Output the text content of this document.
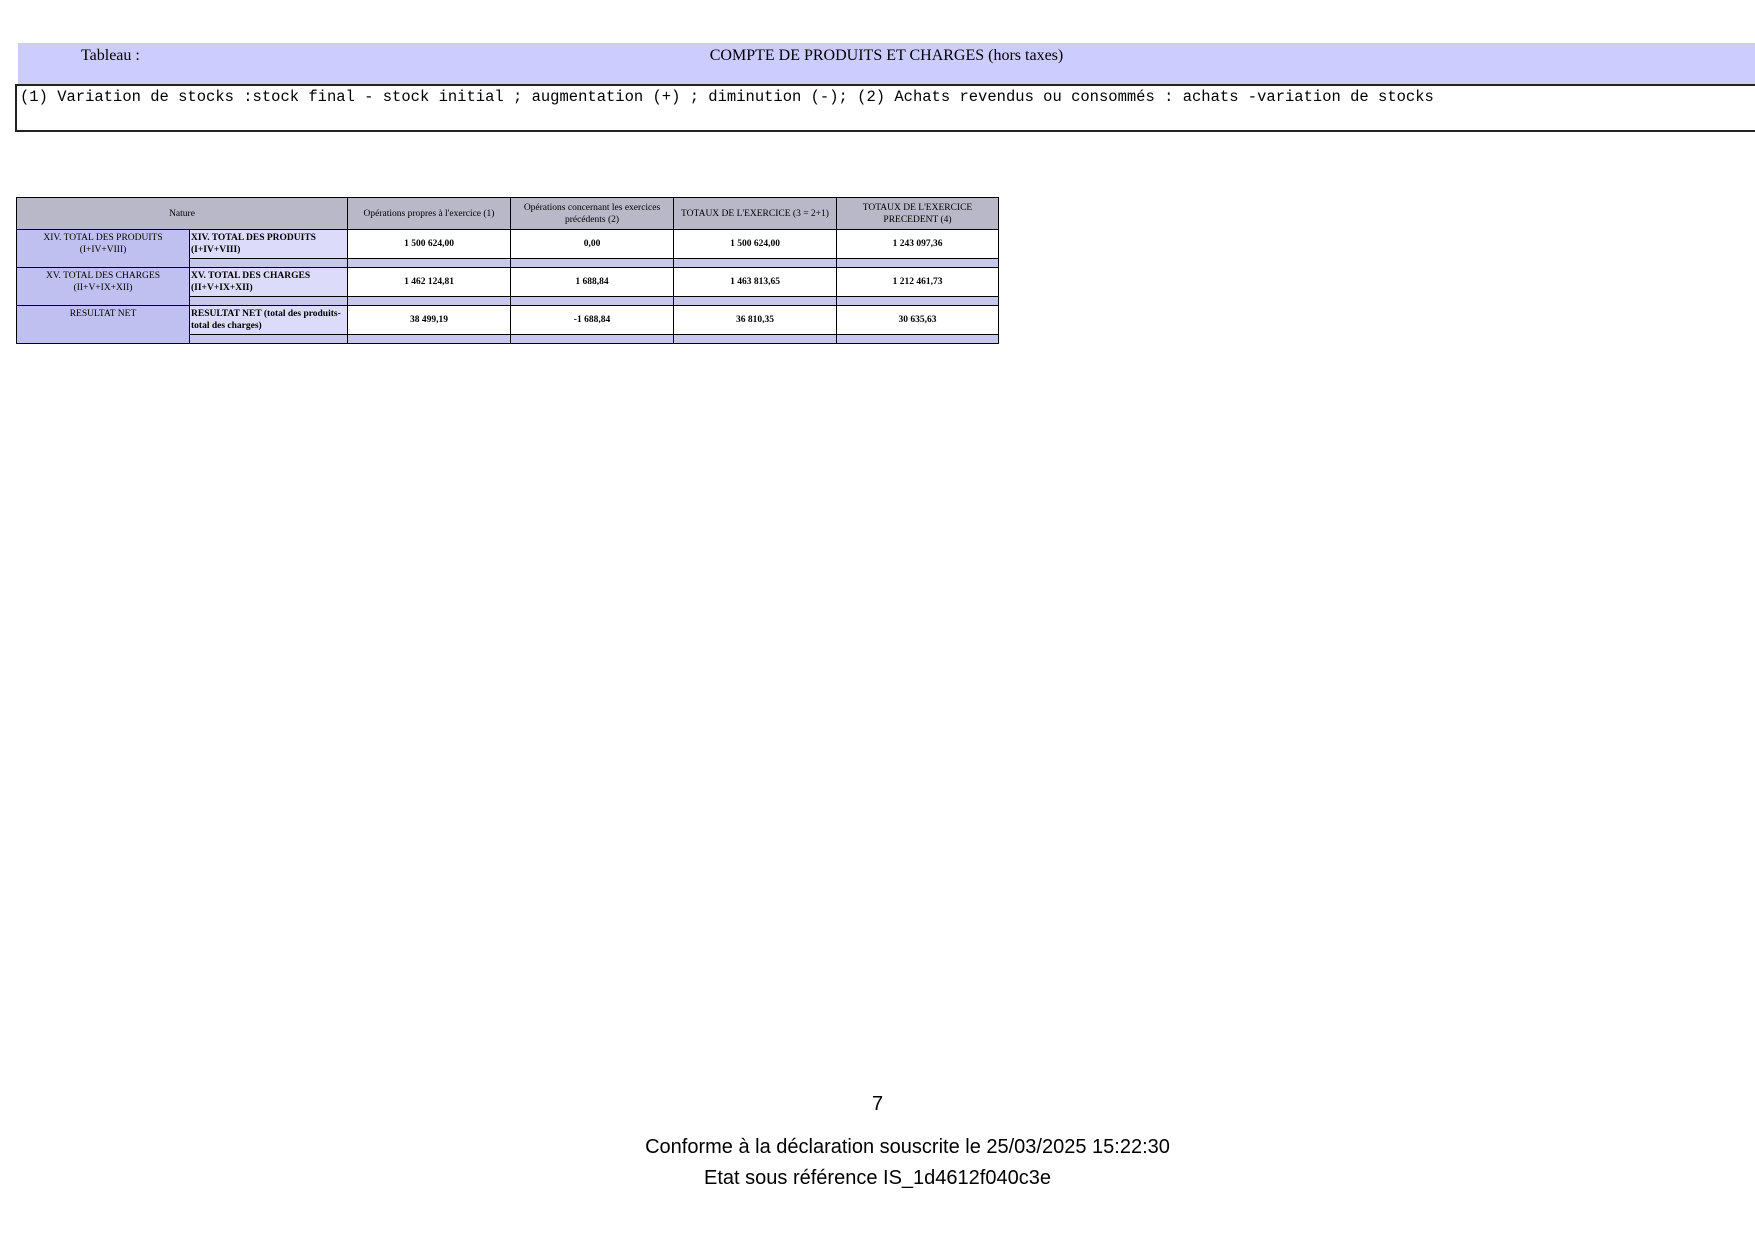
Tableau :	COMPTE DE PRODUITS ET CHARGES (hors taxes)
(1) Variation de stocks :stock final - stock initial ; augmentation (+) ; diminution (-); (2) Achats revendus ou consommés : achats -variation de stocks
Nature		Opérations propres à l'exercice (1)	Opérations concernant les exercices précédents (2)	TOTAUX DE L'EXERCICE (3 = 2+1)	TOTAUX DE L'EXERCICE PRECEDENT (4)
XIV. TOTAL DES PRODUITS (I+IV+VIII)	XIV. TOTAL DES PRODUITS (I+IV+VIII)	1 500 624,00	0,00	1 500 624,00	1 243 097,36

XV. TOTAL DES CHARGES (II+V+IX+XII)	XV. TOTAL DES CHARGES (II+V+IX+XII)	1 462 124,81	1 688,84	1 463 813,65	1 212 461,73

RESULTAT NET	RESULTAT NET (total des produits-total des charges)	38 499,19	-1 688,84	36 810,35	30 635,63

7
Conforme à la déclaration souscrite le 25/03/2025 15:22:30
Etat sous référence IS_1d4612f040c3e
